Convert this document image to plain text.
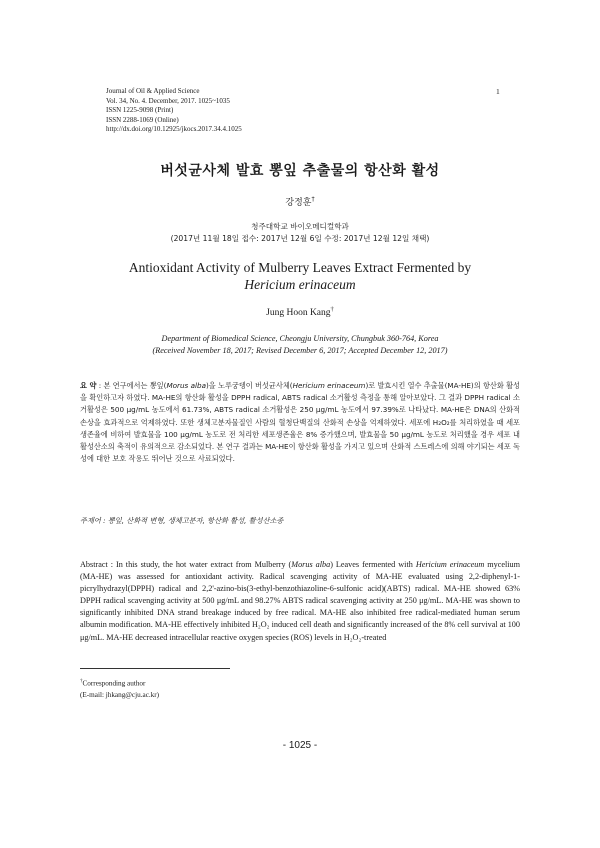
Journal of Oil & Applied Science
Vol. 34, No. 4. December, 2017. 1025~1035
ISSN 1225-9098 (Print)
ISSN 2288-1069 (Online)
http://dx.doi.org/10.12925/jkocs.2017.34.4.1025
1
버섯균사체 발효 뽕잎 추출물의 항산화 활성
강정훈†
청주대학교 바이오메디컬학과
(2017년 11월 18일 접수: 2017년 12월 6일 수정: 2017년 12월 12일 채택)
Antioxidant Activity of Mulberry Leaves Extract Fermented by
Hericium erinaceum
Jung Hoon Kang†
Department of Biomedical Science, Cheongju University, Chungbuk 360-764, Korea
(Received November 18, 2017; Revised December 6, 2017; Accepted December 12, 2017)
요 약 : 본 연구에서는 뽕잎(Morus alba)을 노루궁뎅이 버섯균사체(Hericium erinaceum)로 발효시킨 열수 추출물(MA-HE)의 항산화 활성을 확인하고자 하였다. MA-HE의 항산화 활성을 DPPH radical, ABTS radical 소거활성 측정을 통해 알아보았다. 그 결과 DPPH radical 소거활성은 500 μg/mL 농도에서 61.73%, ABTS radical 소거활성은 250 μg/mL 농도에서 97.39%로 나타났다. MA-HE은 DNA의 산화적 손상을 효과적으로 억제하였다. 또한 생체고분자물질인 사람의 혈청단백질의 산화적 손상을 억제하였다. 세포에 H₂O₂를 처리하였을 때 세포생존율에 비하여 발효물을 100 μg/mL 농도로 전 처리한 세포생존율은 8% 증가했으며, 발효물을 50 μg/mL 농도로 처리했을 경우 세포 내 활성산소의 축적이 유의적으로 감소되었다. 본 연구 결과는 MA-HE이 항산화 활성을 가지고 있으며 산화적 스트레스에 의해 야기되는 세포 독성에 대한 보호 작용도 뛰어난 것으로 사료되었다.
주제어 : 뽕잎, 산화적 변형, 생체고분자, 항산화 활성, 활성산소종
Abstract : In this study, the hot water extract from Mulberry (Morus alba) Leaves fermented with Hericium erinaceum mycelium (MA-HE) was assessed for antioxidant activity. Radical scavenging activity of MA-HE evaluated using 2,2-diphenyl-1-picrylhydrazyl(DPPH) radical and 2,2'-azino-bis(3-ethyl-benzothiazoline-6-sulfonic acid)(ABTS) radical. MA-HE showed 63% DPPH radical scavenging activity at 500 μg/mL and 98.27% ABTS radical scavenging activity at 250 μg/mL. MA-HE was shown to significantly inhibited DNA strand breakage induced by free radical. MA-HE also inhibited free radical-mediated human serum albumin modification. MA-HE effectively inhibited H₂O₂ induced cell death and significantly increased of the 8% cell survival at 100 μg/mL. MA-HE decreased intracellular reactive oxygen species (ROS) levels in H₂O₂-treated
†Corresponding author
(E-mail: jhkang@cju.ac.kr)
- 1025 -
